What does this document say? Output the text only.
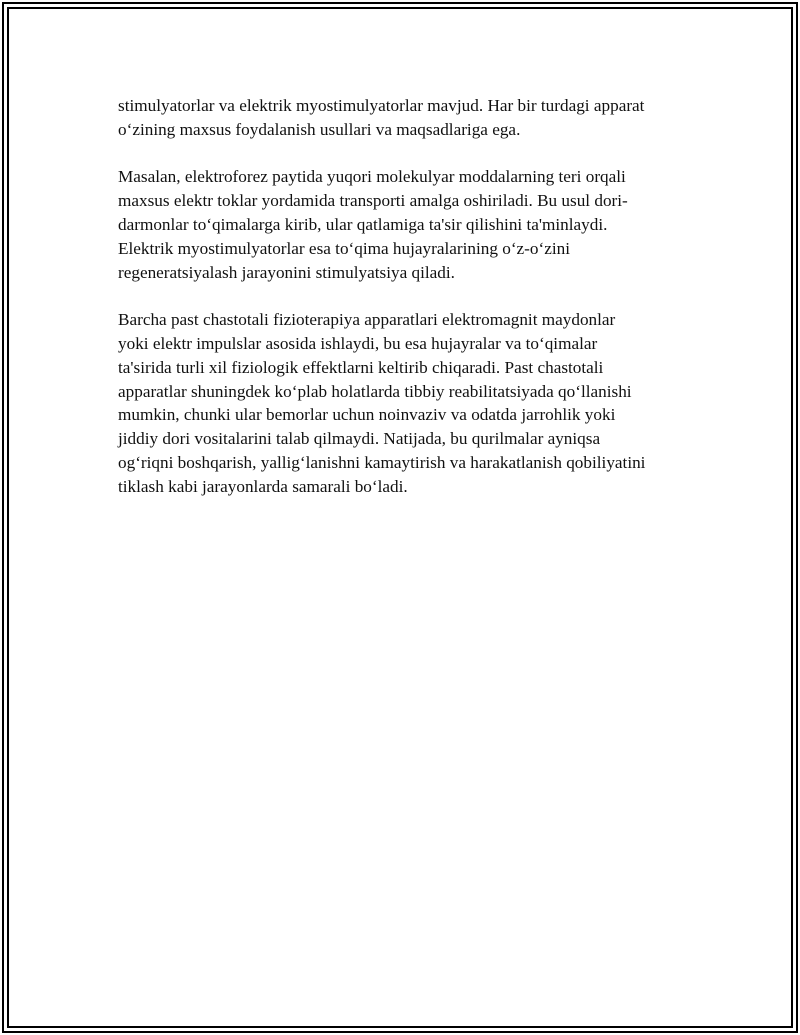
stimulyatorlar va elektrik myostimulyatorlar mavjud. Har bir turdagi apparat
o‘zining maxsus foydalanish usullari va maqsadlariga ega.

Masalan, elektroforez paytida yuqori molekulyar moddalarning teri orqali
maxsus elektr toklar yordamida transporti amalga oshiriladi. Bu usul dori-
darmonlar to‘qimalarga kirib, ular qatlamiga ta'sir qilishini ta'minlaydi.
Elektrik myostimulyatorlar esa to‘qima hujayralarining o‘z-o‘zini
regeneratsiyalash jarayonini stimulyatsiya qiladi.

Barcha past chastotali fizioterapiya apparatlari elektromagnit maydonlar
yoki elektr impulslar asosida ishlaydi, bu esa hujayralar va to‘qimalar
ta'sirida turli xil fiziologik effektlarni keltirib chiqaradi. Past chastotali
apparatlar shuningdek ko‘plab holatlarda tibbiy reabilitatsiyada qo‘llanishi
mumkin, chunki ular bemorlar uchun noinvaziv va odatda jarrohlik yoki
jiddiy dori vositalarini talab qilmaydi. Natijada, bu qurilmalar ayniqsa
og‘riqni boshqarish, yallig‘lanishni kamaytirish va harakatlanish qobiliyatini
tiklash kabi jarayonlarda samarali bo‘ladi.
